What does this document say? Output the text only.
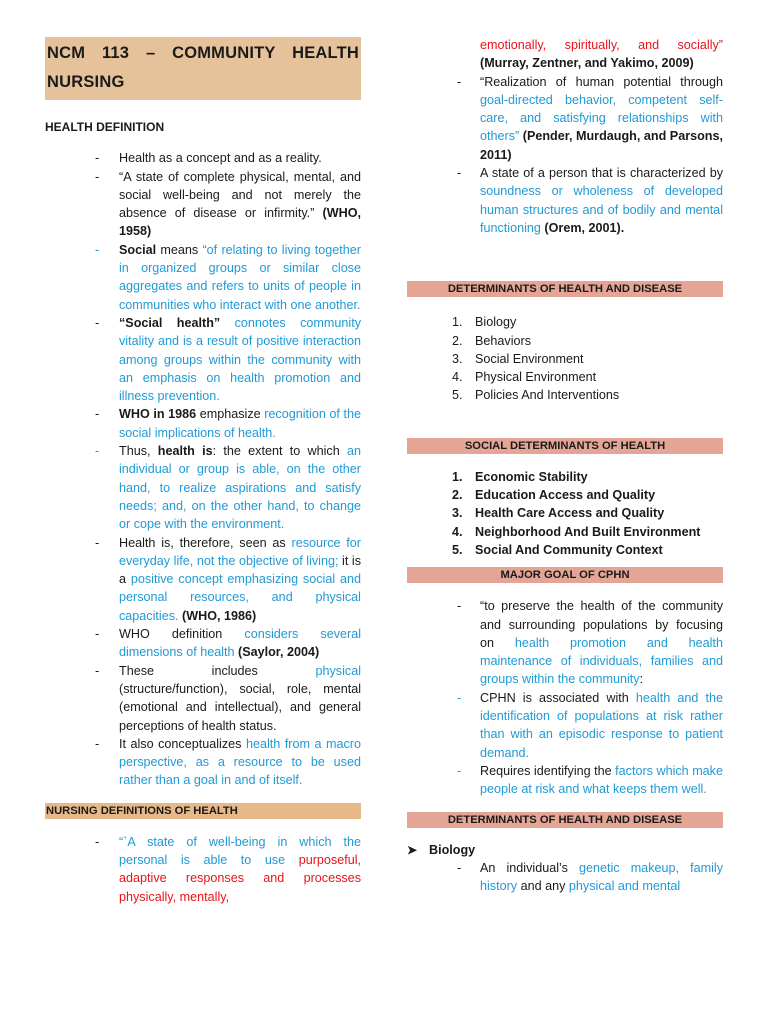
NCM 113 – COMMUNITY HEALTH
NURSING
HEALTH DEFINITION
- Health as a concept and as a reality.
- “A state of complete physical, mental, and social well-being and not merely the absence of disease or infirmity.” (WHO, 1958)
- Social means “of relating to living together in organized groups or similar close aggregates and refers to units of people in communities who interact with one another.
- “Social health” connotes community vitality and is a result of positive interaction among groups within the community with an emphasis on health promotion and illness prevention.
- WHO in 1986 emphasize recognition of the social implications of health.
- Thus, health is: the extent to which an individual or group is able, on the other hand, to realize aspirations and satisfy needs; and, on the other hand, to change or cope with the environment.
- Health is, therefore, seen as resource for everyday life, not the objective of living; it is a positive concept emphasizing social and personal resources, and physical capacities. (WHO, 1986)
- WHO definition considers several dimensions of health (Saylor, 2004)
- These includes physical (structure/function), social, role, mental (emotional and intellectual), and general perceptions of health status.
- It also conceptualizes health from a macro perspective, as a resource to be used rather than a goal in and of itself.
NURSING DEFINITIONS OF HEALTH
- “`A state of well-being in which the personal is able to use purposeful, adaptive responses and processes physically, mentally,
emotionally, spiritually, and socially” (Murray, Zentner, and Yakimo, 2009)
- “Realization of human potential through goal-directed behavior, competent self-care, and satisfying relationships with others” (Pender, Murdaugh, and Parsons, 2011)
- A state of a person that is characterized by soundness or wholeness of developed human structures and of bodily and mental functioning (Orem, 2001).
DETERMINANTS OF HEALTH AND DISEASE
1. Biology
2. Behaviors
3. Social Environment
4. Physical Environment
5. Policies And Interventions
SOCIAL DETERMINANTS OF HEALTH
1. Economic Stability
2. Education Access and Quality
3. Health Care Access and Quality
4. Neighborhood And Built Environment
5. Social And Community Context
MAJOR GOAL OF CPHN
- “to preserve the health of the community and surrounding populations by focusing on health promotion and health maintenance of individuals, families and groups within the community:
- CPHN is associated with health and the identification of populations at risk rather than with an episodic response to patient demand.
- Requires identifying the factors which make people at risk and what keeps them well.
DETERMINANTS OF HEALTH AND DISEASE
➤ Biology
- An individual’s genetic makeup, family history and any physical and mental
